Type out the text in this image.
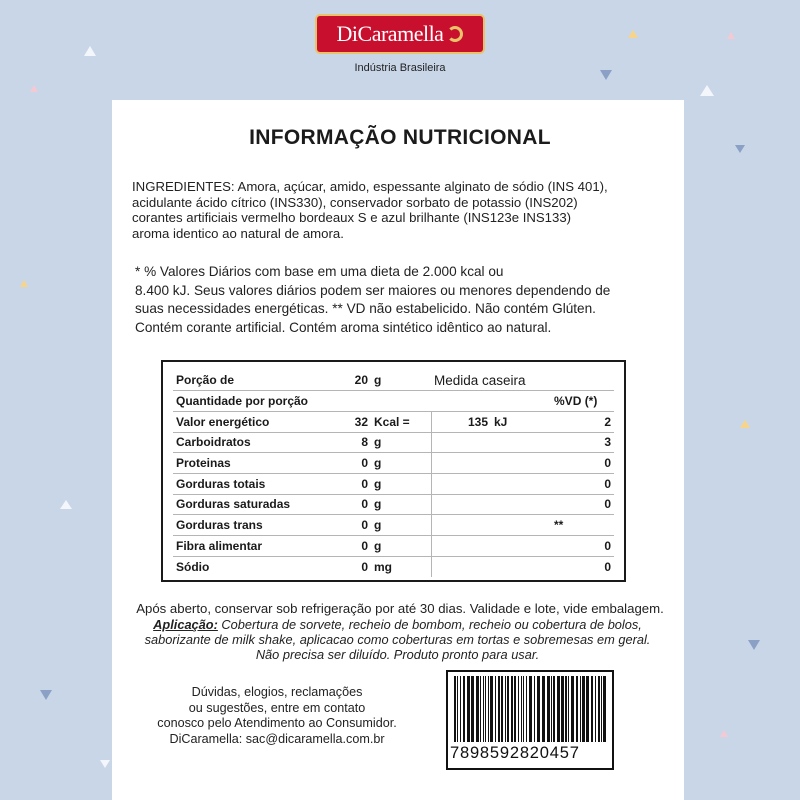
DiCaramella
Indústria Brasileira
INFORMAÇÃO NUTRICIONAL
INGREDIENTES: Amora, açúcar, amido, espessante alginato de sódio (INS 401),
acidulante ácido cítrico (INS330), conservador sorbato de potassio (INS202)
corantes artificiais vermelho bordeaux S e azul brilhante (INS123e INS133)
aroma identico ao natural de amora.
* % Valores Diários com base em uma dieta de 2.000 kcal ou
8.400 kJ. Seus valores diários podem ser maiores ou menores dependendo de
suas necessidades energéticas. ** VD não estabelicido. Não contém Glúten.
Contém corante artificial. Contém aroma sintético idêntico ao natural.
Porção de	20	g	Medida caseira		
Quantidade por porção					%VD (*)
Valor energético	32	Kcal =	135	kJ	2
Carboidratos	8	g			3
Proteinas	0	g			0
Gorduras totais	0	g			0
Gorduras saturadas	0	g			0
Gorduras trans	0	g			**
Fibra alimentar	0	g			0
Sódio	0	mg			0
Após aberto, conservar sob refrigeração por até 30 dias. Validade e lote, vide embalagem.
Aplicação: Cobertura de sorvete, recheio de bombom, recheio ou cobertura de bolos,
saborizante de milk shake, aplicacao como coberturas em tortas e sobremesas em geral.
Não precisa ser diluído. Produto pronto para usar.
Dúvidas, elogios, reclamações
ou sugestões, entre em contato
conosco pelo Atendimento ao Consumidor.
DiCaramella: sac@dicaramella.com.br
7898592820457
